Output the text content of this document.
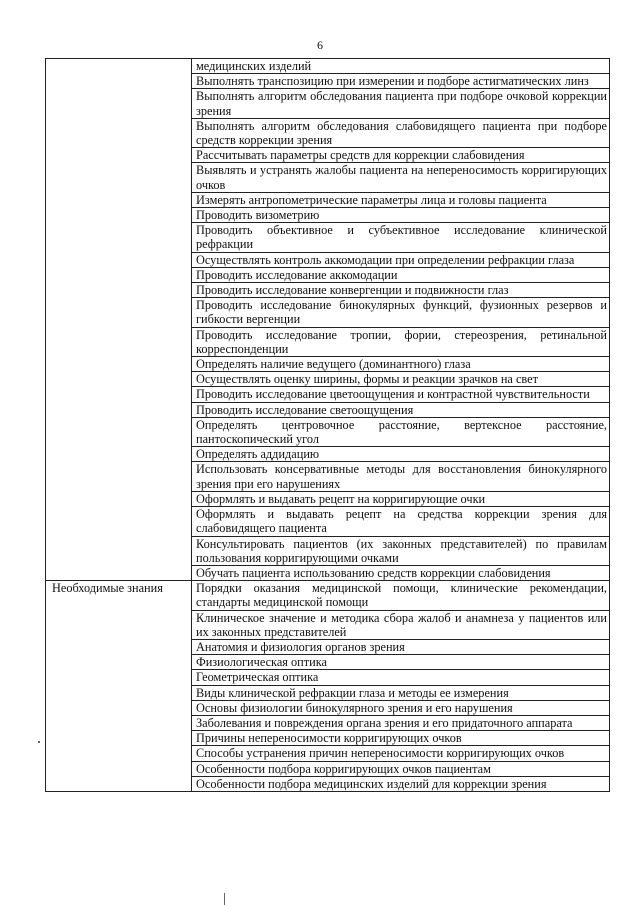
6
	медицинских изделий
	Выполнять транспозицию при измерении и подборе астигматических линз
	Выполнять алгоритм обследования пациента при подборе очковой коррекции зрения
	Выполнять алгоритм обследования слабовидящего пациента при подборе средств коррекции зрения
	Рассчитывать параметры средств для коррекции слабовидения
	Выявлять и устранять жалобы пациента на непереносимость корригирующих очков
	Измерять антропометрические параметры лица и головы пациента
	Проводить визометрию
	Проводить объективное и субъективное исследование клинической рефракции
	Осуществлять контроль аккомодации при определении рефракции глаза
	Проводить исследование аккомодации
	Проводить исследование конвергенции и подвижности глаз
	Проводить исследование бинокулярных функций, фузионных резервов и гибкости вергенции
	Проводить исследование тропии, фории, стереозрения, ретинальной корреспонденции
	Определять наличие ведущего (доминантного) глаза
	Осуществлять оценку ширины, формы и реакции зрачков на свет
	Проводить исследование цветоощущения и контрастной чувствительности
	Проводить исследование светоощущения
	Определять центровочное расстояние, вертексное расстояние, пантоскопический угол
	Определять аддидацию
	Использовать консервативные методы для восстановления бинокулярного зрения при его нарушениях
	Оформлять и выдавать рецепт на корригирующие очки
	Оформлять и выдавать рецепт на средства коррекции зрения для слабовидящего пациента
	Консультировать пациентов (их законных представителей) по правилам пользования корригирующими очками
	Обучать пациента использованию средств коррекции слабовидения
Необходимые знания	Порядки оказания медицинской помощи, клинические рекомендации, стандарты медицинской помощи
	Клиническое значение и методика сбора жалоб и анамнеза у пациентов или их законных представителей
	Анатомия и физиология органов зрения
	Физиологическая оптика
	Геометрическая оптика
	Виды клинической рефракции глаза и методы ее измерения
	Основы физиологии бинокулярного зрения и его нарушения
	Заболевания и повреждения органа зрения и его придаточного аппарата
	Причины непереносимости корригирующих очков
	Способы устранения причин непереносимости корригирующих очков
	Особенности подбора корригирующих очков пациентам

	Особенности подбора медицинских изделий для коррекции зрения
